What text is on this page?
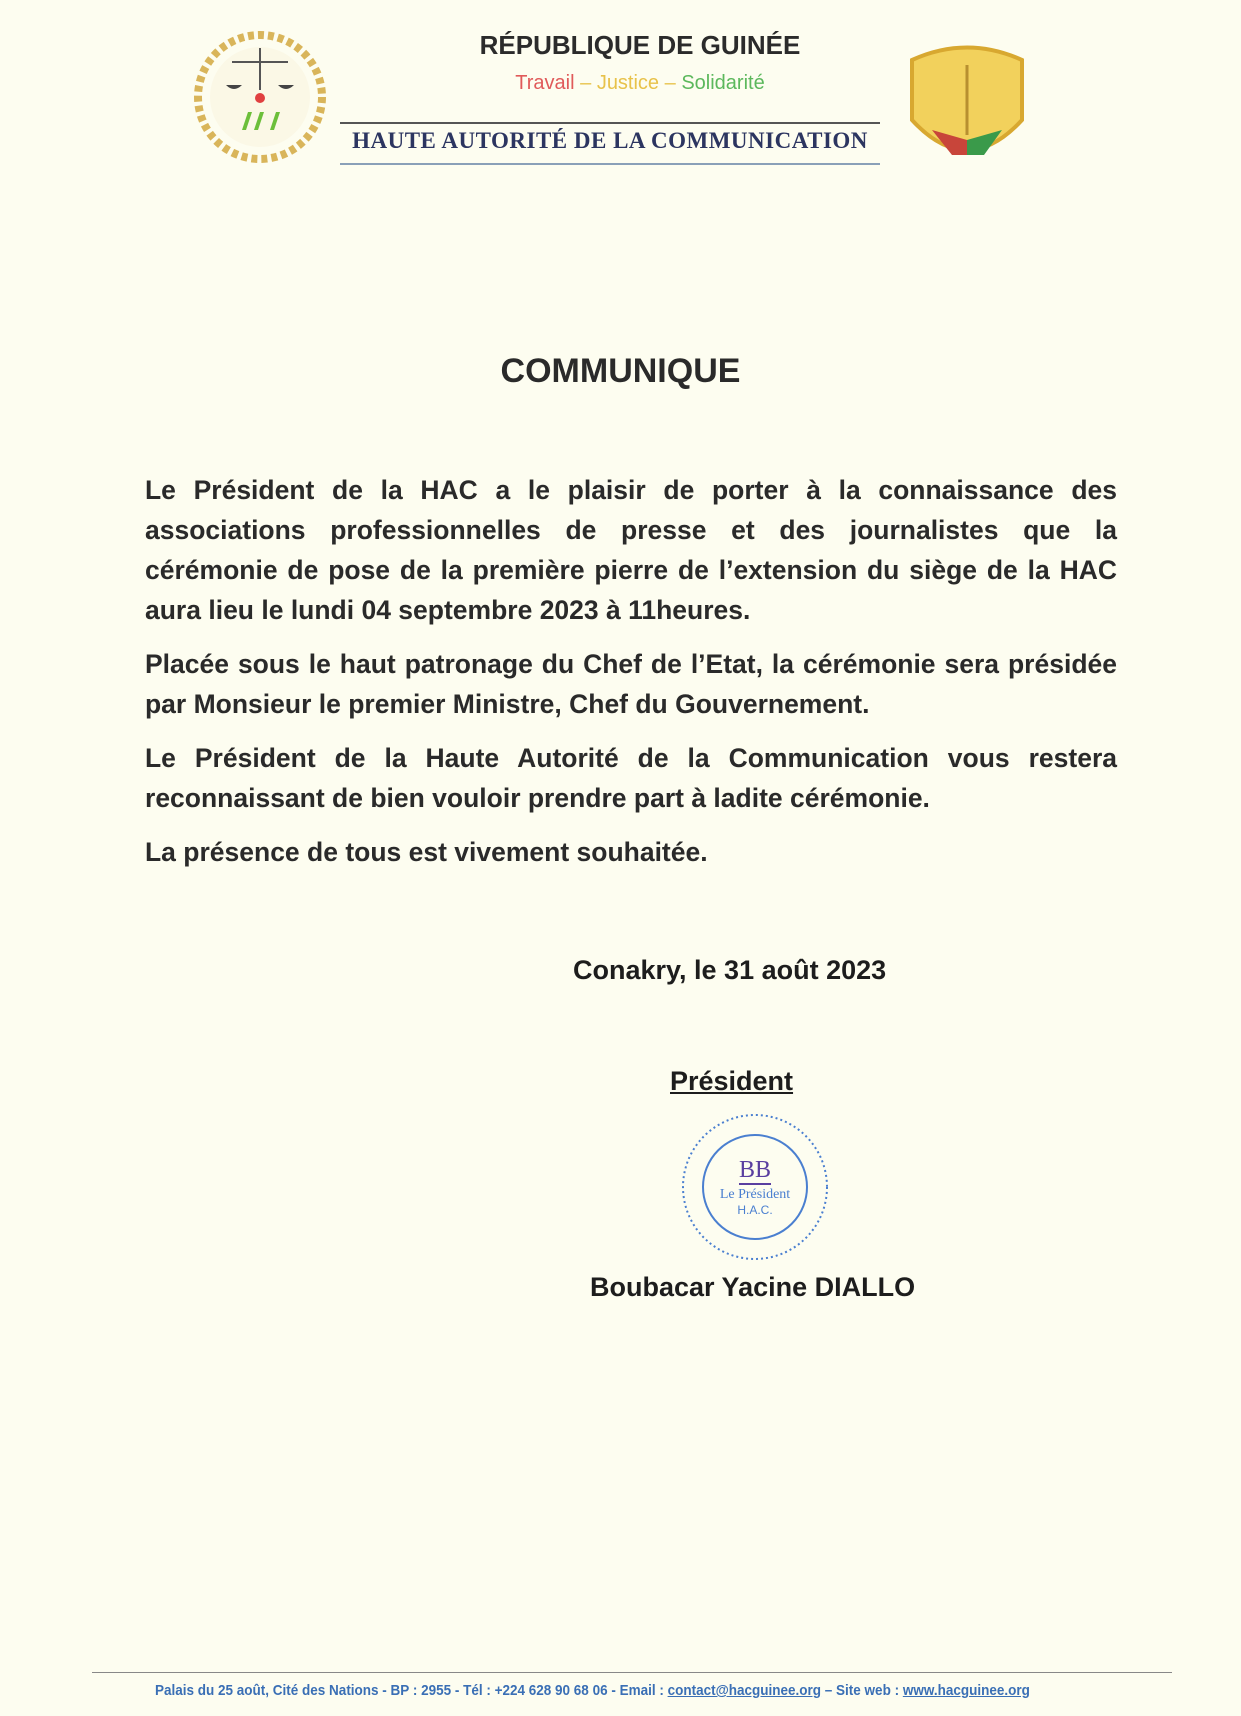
RÉPUBLIQUE DE GUINÉE
Travail – Justice – Solidarité
HAUTE AUTORITÉ DE LA COMMUNICATION
COMMUNIQUE

Le Président de la HAC a le plaisir de porter à la connaissance des associations professionnelles de presse et des journalistes que la cérémonie de pose de la première pierre de l’extension du siège de la HAC aura lieu le lundi 04 septembre 2023 à 11heures.

Placée sous le haut patronage du Chef de l’Etat, la cérémonie sera présidée par Monsieur le premier Ministre, Chef du Gouvernement.

Le Président de la Haute Autorité de la Communication vous restera reconnaissant de bien vouloir prendre part à ladite cérémonie.

La présence de tous est vivement souhaitée.

Conakry, le 31 août 2023
Président
BB
Le Président
H.A.C.
Boubacar Yacine DIALLO
Palais du 25 août, Cité des Nations - BP : 2955 - Tél : +224 628 90 68 06 - Email : contact@hacguinee.org – Site web : www.hacguinee.org
